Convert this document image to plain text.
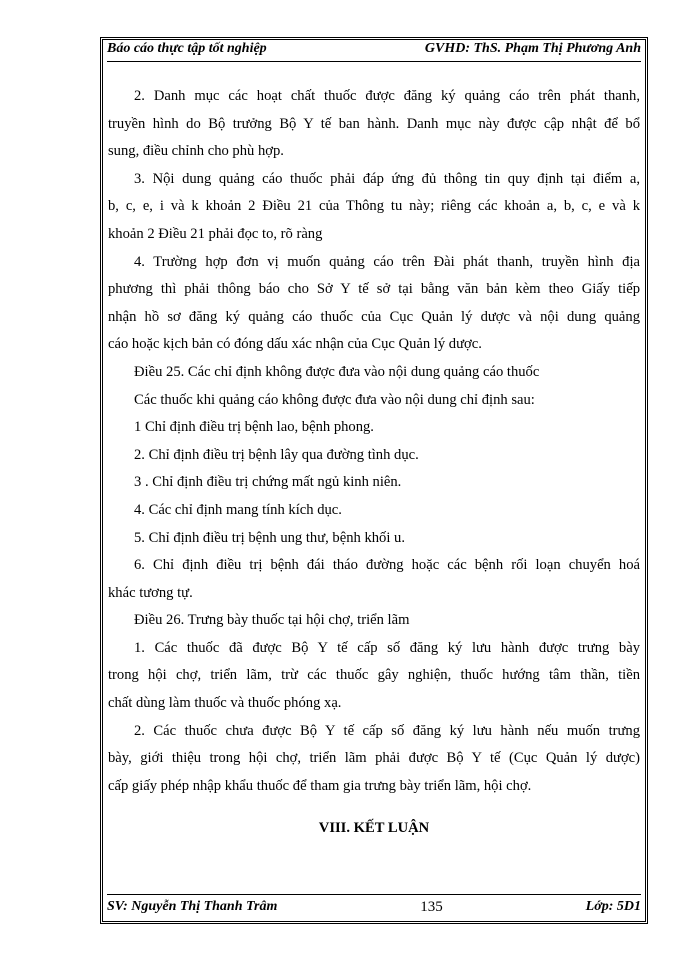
Báo cáo thực tập tốt nghiệp	GVHD: ThS. Phạm Thị Phương Anh
2. Danh mục các hoạt chất thuốc được đăng ký quảng cáo trên phát thanh,
truyền hình do Bộ trưởng Bộ Y tế ban hành. Danh mục này được cập nhật để bổ
sung, điều chỉnh cho phù hợp.
3. Nội dung quảng cáo thuốc phải đáp ứng đủ thông tin quy định tại điểm a,
b, c, e, i và k khoản 2 Điều 21 của Thông tu này; riêng các khoản a, b, c, e và k
khoản 2 Điều 21 phải đọc to, rõ ràng
4. Trường hợp đơn vị muốn quảng cáo trên Đài phát thanh, truyền hình địa
phương thì phải thông báo cho Sở Y tế sở tại bằng văn bản kèm theo Giấy tiếp
nhận hồ sơ đăng ký quảng cáo thuốc của Cục Quản lý dược và nội dung quảng
cáo hoặc kịch bản có đóng dấu xác nhận của Cục Quản lý dược.
Điều 25. Các chỉ định không được đưa vào nội dung quảng cáo thuốc
Các thuốc khi quảng cáo không được đưa vào nội dung chỉ định sau:
1 Chỉ định điều trị bệnh lao, bệnh phong.
2. Chỉ định điều trị bệnh lây qua đường tình dục.
3 . Chỉ định điều trị chứng mất ngủ kinh niên.
4. Các chỉ định mang tính kích dục.
5. Chỉ định điều trị bệnh ung thư, bệnh khối u.
6. Chỉ định điều trị bệnh đái tháo đường hoặc các bệnh rối loạn chuyển hoá
khác tương tự.
Điều 26. Trưng bày thuốc tại hội chợ, triển lãm
1. Các thuốc đã được Bộ Y tế cấp số đăng ký lưu hành được trưng bày
trong hội chợ, triển lãm, trừ các thuốc gây nghiện, thuốc hướng tâm thần, tiền
chất dùng làm thuốc và thuốc phóng xạ.
2. Các thuốc chưa được Bộ Y tế cấp số đăng ký lưu hành nếu muốn trưng
bày, giới thiệu trong hội chợ, triển lãm phải được Bộ Y tế (Cục Quản lý dược)
cấp giấy phép nhập khẩu thuốc để tham gia trưng bày triển lãm, hội chợ.
VIII. KẾT LUẬN
SV: Nguyễn Thị Thanh Trâm	135	Lớp: 5D1
